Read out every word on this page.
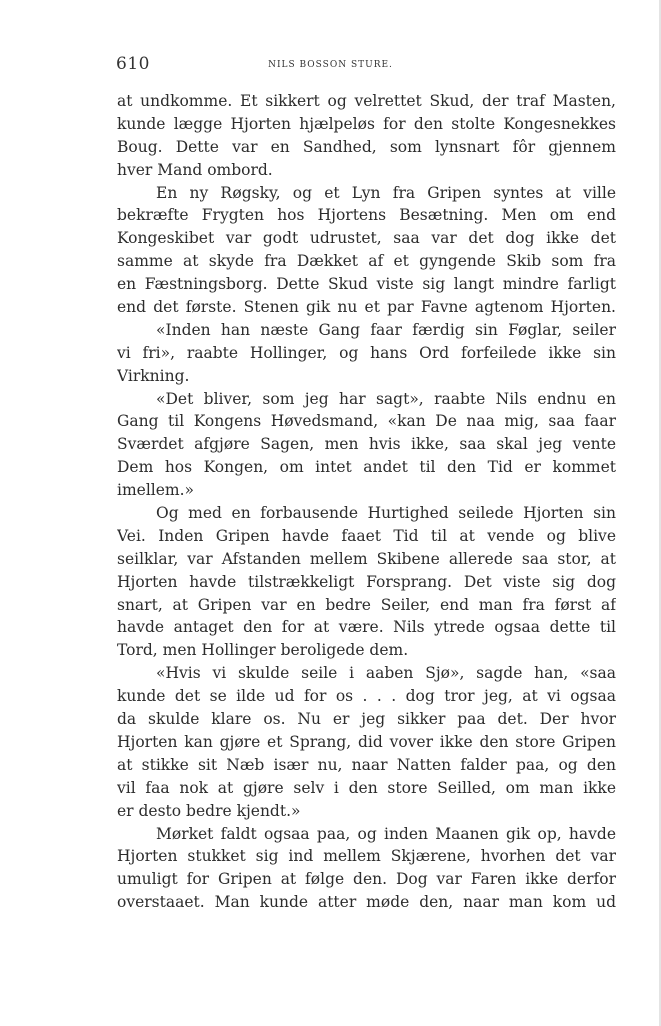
610	NILS BOSSON STURE.
at undkomme. Et sikkert og velrettet Skud, der traf Masten,
kunde lægge Hjorten hjælpeløs for den stolte Kongesnekkes
Boug. Dette var en Sandhed, som lynsnart fôr gjennem
hver Mand ombord.
En ny Røgsky, og et Lyn fra Gripen syntes at ville
bekræfte Frygten hos Hjortens Besætning. Men om end
Kongeskibet var godt udrustet, saa var det dog ikke det
samme at skyde fra Dækket af et gyngende Skib som fra
en Fæstningsborg. Dette Skud viste sig langt mindre farligt
end det første. Stenen gik nu et par Favne agtenom Hjorten.
«Inden han næste Gang faar færdig sin Føglar, seiler
vi fri», raabte Hollinger, og hans Ord forfeilede ikke sin
Virkning.
«Det bliver, som jeg har sagt», raabte Nils endnu en
Gang til Kongens Høvedsmand, «kan De naa mig, saa faar
Sværdet afgjøre Sagen, men hvis ikke, saa skal jeg vente
Dem hos Kongen, om intet andet til den Tid er kommet
imellem.»
Og med en forbausende Hurtighed seilede Hjorten sin
Vei. Inden Gripen havde faaet Tid til at vende og blive
seilklar, var Afstanden mellem Skibene allerede saa stor, at
Hjorten havde tilstrækkeligt Forsprang. Det viste sig dog
snart, at Gripen var en bedre Seiler, end man fra først af
havde antaget den for at være. Nils ytrede ogsaa dette til
Tord, men Hollinger beroligede dem.
«Hvis vi skulde seile i aaben Sjø», sagde han, «saa
kunde det se ilde ud for os . . . dog tror jeg, at vi ogsaa
da skulde klare os. Nu er jeg sikker paa det. Der hvor
Hjorten kan gjøre et Sprang, did vover ikke den store Gripen
at stikke sit Næb især nu, naar Natten falder paa, og den
vil faa nok at gjøre selv i den store Seilled, om man ikke
er desto bedre kjendt.»
Mørket faldt ogsaa paa, og inden Maanen gik op, havde
Hjorten stukket sig ind mellem Skjærene, hvorhen det var
umuligt for Gripen at følge den. Dog var Faren ikke derfor
overstaaet. Man kunde atter møde den, naar man kom ud
